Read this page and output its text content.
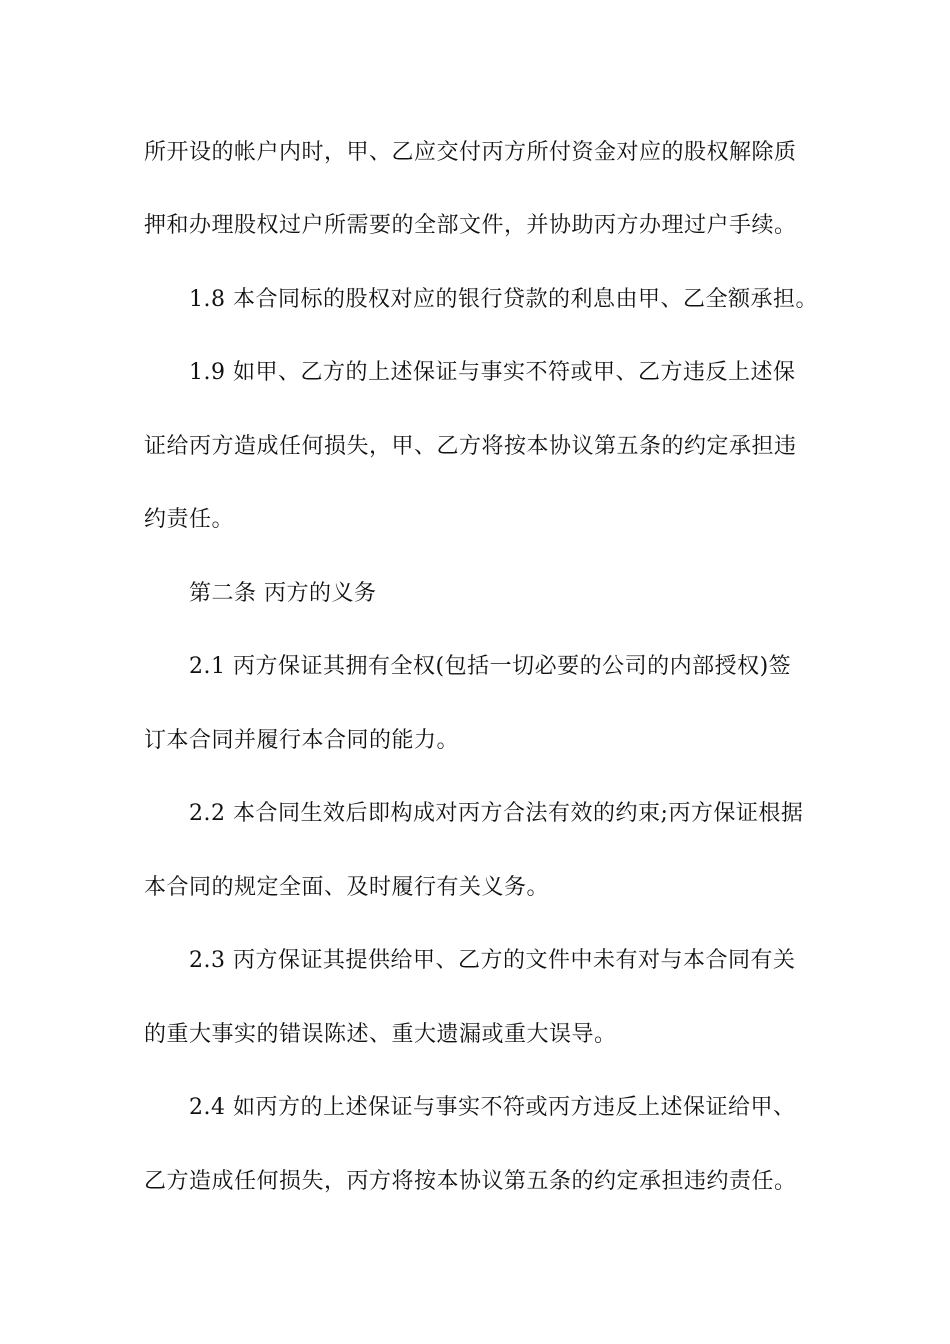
所开设的帐户内时，甲、乙应交付丙方所付资金对应的股权解除质
押和办理股权过户所需要的全部文件，并协助丙方办理过户手续。
1.8 本合同标的股权对应的银行贷款的利息由甲、乙全额承担。
1.9 如甲、乙方的上述保证与事实不符或甲、乙方违反上述保
证给丙方造成任何损失，甲、乙方将按本协议第五条的约定承担违
约责任。
第二条 丙方的义务
2.1 丙方保证其拥有全权(包括一切必要的公司的内部授权)签
订本合同并履行本合同的能力。
2.2 本合同生效后即构成对丙方合法有效的约束;丙方保证根据
本合同的规定全面、及时履行有关义务。
2.3 丙方保证其提供给甲、乙方的文件中未有对与本合同有关
的重大事实的错误陈述、重大遗漏或重大误导。
2.4 如丙方的上述保证与事实不符或丙方违反上述保证给甲、
乙方造成任何损失，丙方将按本协议第五条的约定承担违约责任。
